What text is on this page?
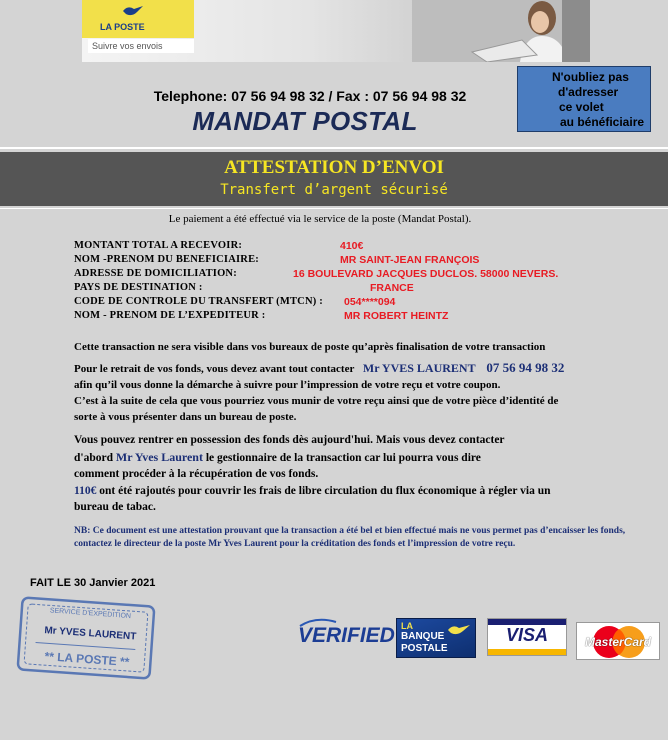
LA POSTE
Suivre vos envois
Telephone: 07 56 94 98 32 / Fax : 07 56 94 98 32
MANDAT POSTAL
N'oubliez pas
d'adresser
ce volet
au bénéficiaire
ATTESTATION D’ENVOI
Transfert d’argent sécurisé
Le paiement a été effectué via le service de la poste (Mandat Postal).
MONTANT TOTAL A RECEVOIR:	410€
NOM -PRENOM DU BENEFICIAIRE:	MR SAINT-JEAN FRANÇOIS
ADRESSE DE DOMICILIATION:	16 BOULEVARD JACQUES DUCLOS. 58000 NEVERS.
PAYS DE DESTINATION :	FRANCE
CODE DE CONTROLE DU TRANSFERT (MTCN) : 054****094
NOM - PRENOM DE L’EXPEDITEUR :	MR ROBERT HEINTZ
Cette transaction ne sera visible dans vos bureaux de poste qu’après finalisation de votre transaction
Pour le retrait de vos fonds, vous devez avant tout contacter Mr YVES LAURENT 07 56 94 98 32
afin qu’il vous donne la démarche à suivre pour l’impression de votre reçu et votre coupon.
C’est à la suite de cela que vous pourriez vous munir de votre reçu ainsi que de votre pièce d’identité de
sorte à vous présenter dans un bureau de poste.
Vous pouvez rentrer en possession des fonds dès aujourd'hui. Mais vous devez contacter
d'abord Mr Yves Laurent le gestionnaire de la transaction car lui pourra vous dire
comment procéder à la récupération de vos fonds.
110€ ont été rajoutés pour couvrir les frais de libre circulation du flux économique à régler via un
bureau de tabac.
NB: Ce document est une attestation prouvant que la transaction a été bel et bien effectué mais ne vous permet pas d’encaisser les fonds, contactez le directeur de la poste Mr Yves Laurent pour la créditation des fonds et l’impression de votre reçu.
FAIT LE 30 Janvier 2021
SERVICE D'EXPEDITION
Mr YVES LAURENT
** LA POSTE **
VERIFIED LA
BANQUE
POSTALE
VISA	MasterCard
